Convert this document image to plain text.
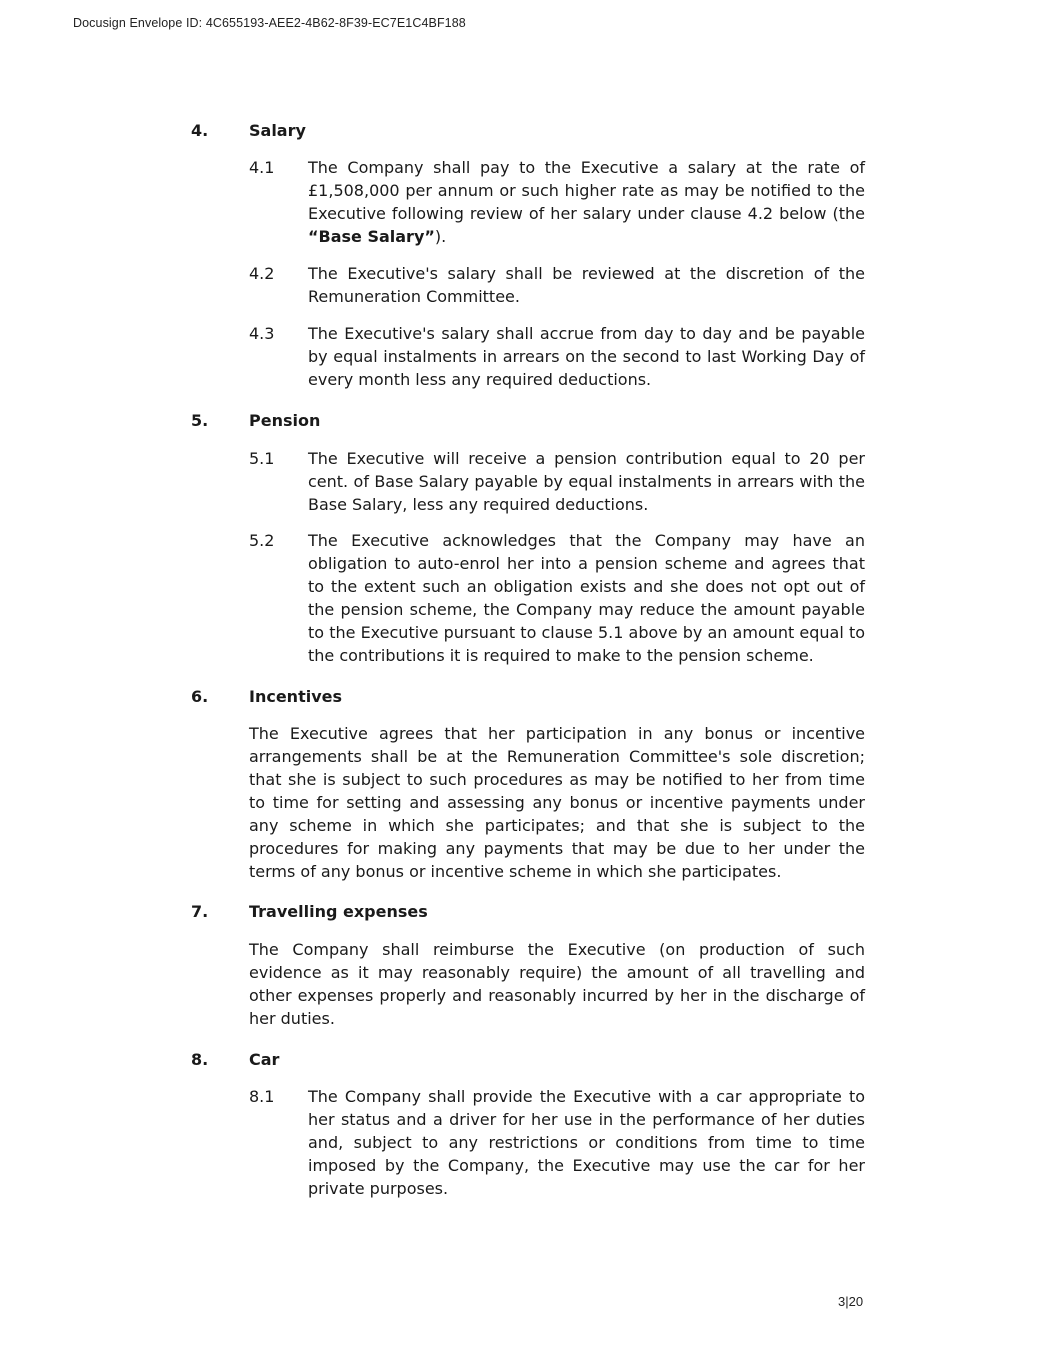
Docusign Envelope ID: 4C655193-AEE2-4B62-8F39-EC7E1C4BF188
4.	Salary
4.1 The Company shall pay to the Executive a salary at the rate of £1,508,000 per annum or such higher rate as may be notified to the Executive following review of her salary under clause 4.2 below (the “Base Salary”).
4.2 The Executive's salary shall be reviewed at the discretion of the Remuneration Committee.
4.3 The Executive's salary shall accrue from day to day and be payable by equal instalments in arrears on the second to last Working Day of every month less any required deductions.
5.	Pension
5.1 The Executive will receive a pension contribution equal to 20 per cent. of Base Salary payable by equal instalments in arrears with the Base Salary, less any required deductions.
5.2 The Executive acknowledges that the Company may have an obligation to auto-enrol her into a pension scheme and agrees that to the extent such an obligation exists and she does not opt out of the pension scheme, the Company may reduce the amount payable to the Executive pursuant to clause 5.1 above by an amount equal to the contributions it is required to make to the pension scheme.
6.	Incentives
The Executive agrees that her participation in any bonus or incentive arrangements shall be at the Remuneration Committee's sole discretion; that she is subject to such procedures as may be notified to her from time to time for setting and assessing any bonus or incentive payments under any scheme in which she participates; and that she is subject to the procedures for making any payments that may be due to her under the terms of any bonus or incentive scheme in which she participates.
7.	Travelling expenses
The Company shall reimburse the Executive (on production of such evidence as it may reasonably require) the amount of all travelling and other expenses properly and reasonably incurred by her in the discharge of her duties.
8.	Car
8.1 The Company shall provide the Executive with a car appropriate to her status and a driver for her use in the performance of her duties and, subject to any restrictions or conditions from time to time imposed by the Company, the Executive may use the car for her private purposes.
3|20
